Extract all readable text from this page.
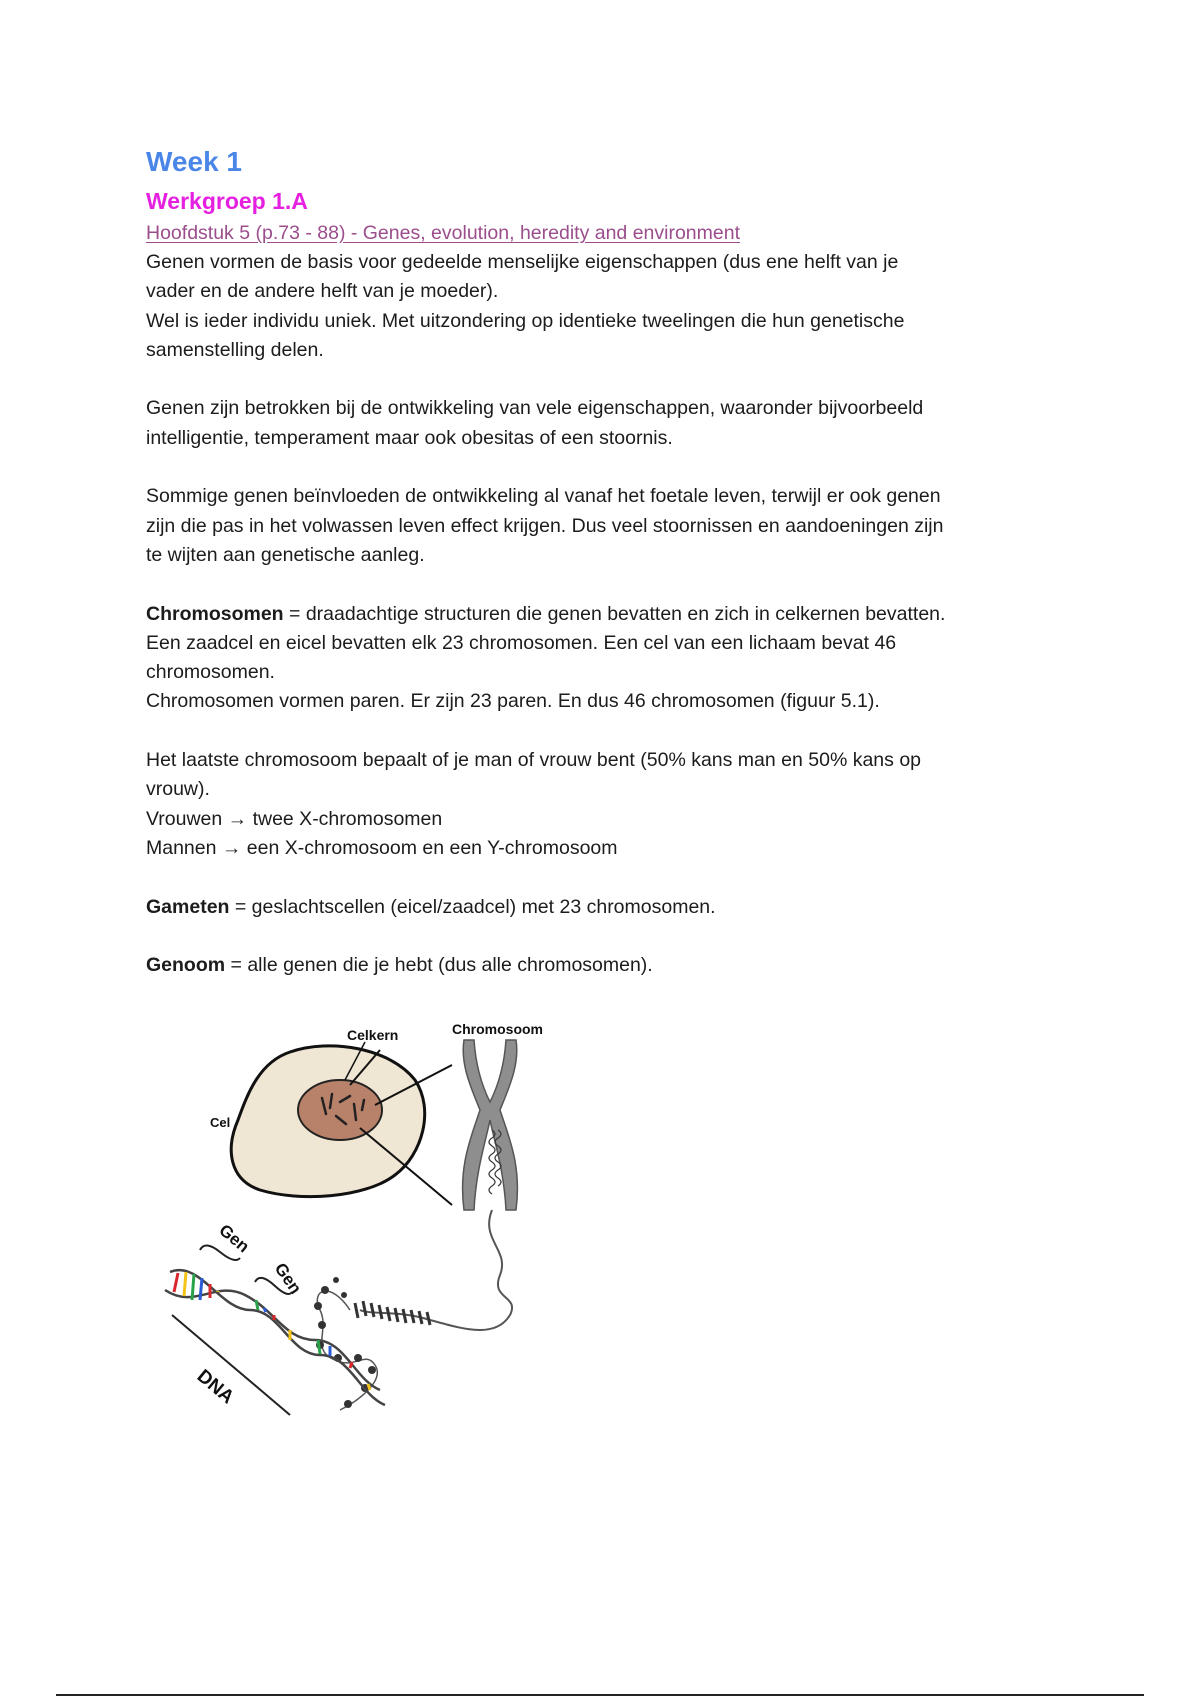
Week 1
Werkgroep 1.A
Hoofdstuk 5 (p.73 - 88) - Genes, evolution, heredity and environment

Genen vormen de basis voor gedeelde menselijke eigenschappen (dus ene helft van je

vader en de andere helft van je moeder).

Wel is ieder individu uniek. Met uitzondering op identieke tweelingen die hun genetische

samenstelling delen.

Genen zijn betrokken bij de ontwikkeling van vele eigenschappen, waaronder bijvoorbeeld

intelligentie, temperament maar ook obesitas of een stoornis.

Sommige genen beïnvloeden de ontwikkeling al vanaf het foetale leven, terwijl er ook genen

zijn die pas in het volwassen leven effect krijgen. Dus veel stoornissen en aandoeningen zijn

te wijten aan genetische aanleg.

Chromosomen = draadachtige structuren die genen bevatten en zich in celkernen bevatten.

Een zaadcel en eicel bevatten elk 23 chromosomen. Een cel van een lichaam bevat 46

chromosomen.

Chromosomen vormen paren. Er zijn 23 paren. En dus 46 chromosomen (figuur 5.1).

Het laatste chromosoom bepaalt of je man of vrouw bent (50% kans man en 50% kans op

vrouw).

Vrouwen → twee X-chromosomen

Mannen → een X-chromosoom en een Y-chromosoom

Gameten = geslachtscellen (eicel/zaadcel) met 23 chromosomen.

Genoom = alle genen die je hebt (dus alle chromosomen).

Cel
Celkern	Chromosoom
Gen
Gen
DNA
